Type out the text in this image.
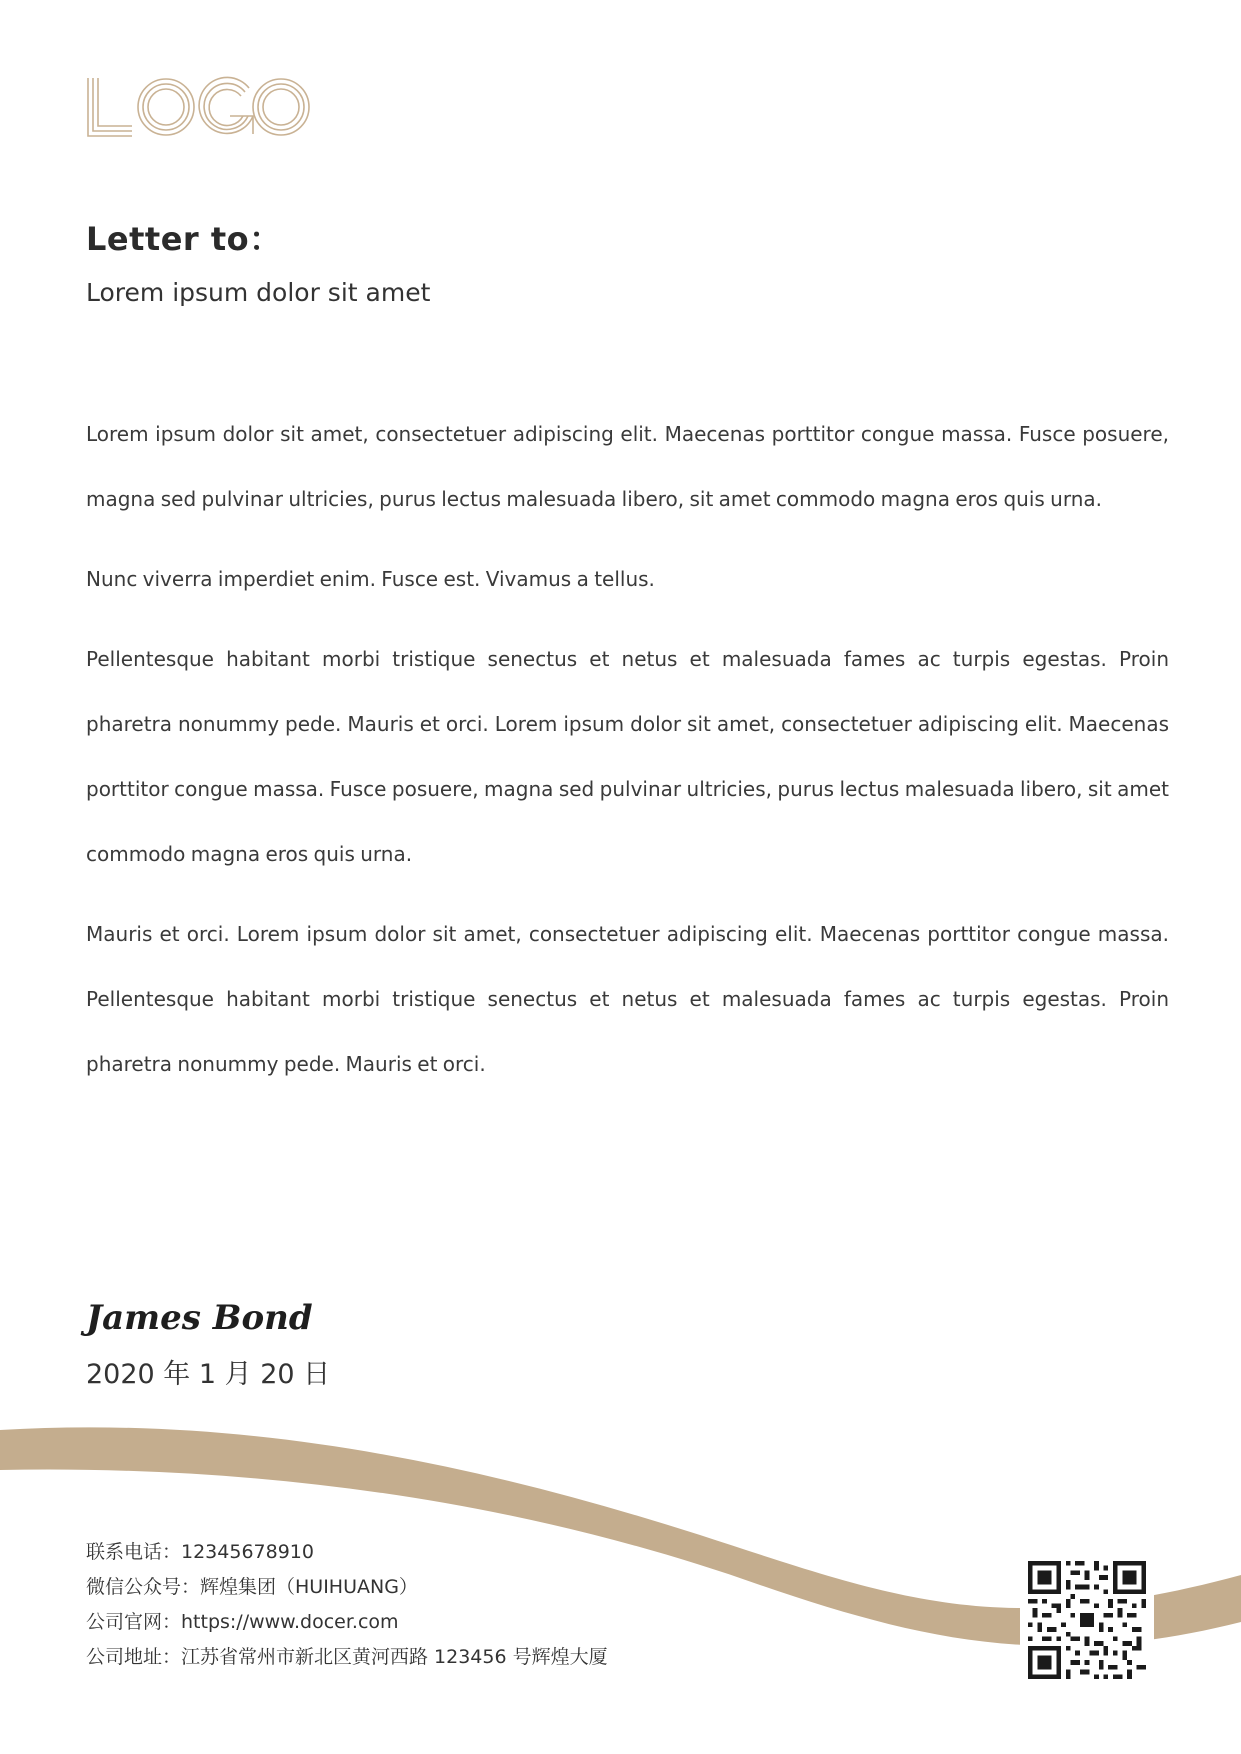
Letter to：

Lorem ipsum dolor sit amet

Lorem ipsum dolor sit amet, consectetuer adipiscing elit. Maecenas porttitor congue massa. Fusce posuere, magna sed pulvinar ultricies, purus lectus malesuada libero, sit amet commodo magna eros quis urna.

Nunc viverra imperdiet enim. Fusce est. Vivamus a tellus.

Pellentesque habitant morbi tristique senectus et netus et malesuada fames ac turpis egestas. Proin pharetra nonummy pede. Mauris et orci. Lorem ipsum dolor sit amet, consectetuer adipiscing elit. Maecenas porttitor congue massa. Fusce posuere, magna sed pulvinar ultricies, purus lectus malesuada libero, sit amet commodo magna eros quis urna.

Mauris et orci. Lorem ipsum dolor sit amet, consectetuer adipiscing elit. Maecenas porttitor congue massa. Pellentesque habitant morbi tristique senectus et netus et malesuada fames ac turpis egestas. Proin pharetra nonummy pede. Mauris et orci.

James Bond

2020 年 1 月 20 日

联系电话：12345678910
微信公众号：辉煌集团（HUIHUANG）
公司官网：https://www.docer.com
公司地址：江苏省常州市新北区黄河西路 123456 号辉煌大厦
